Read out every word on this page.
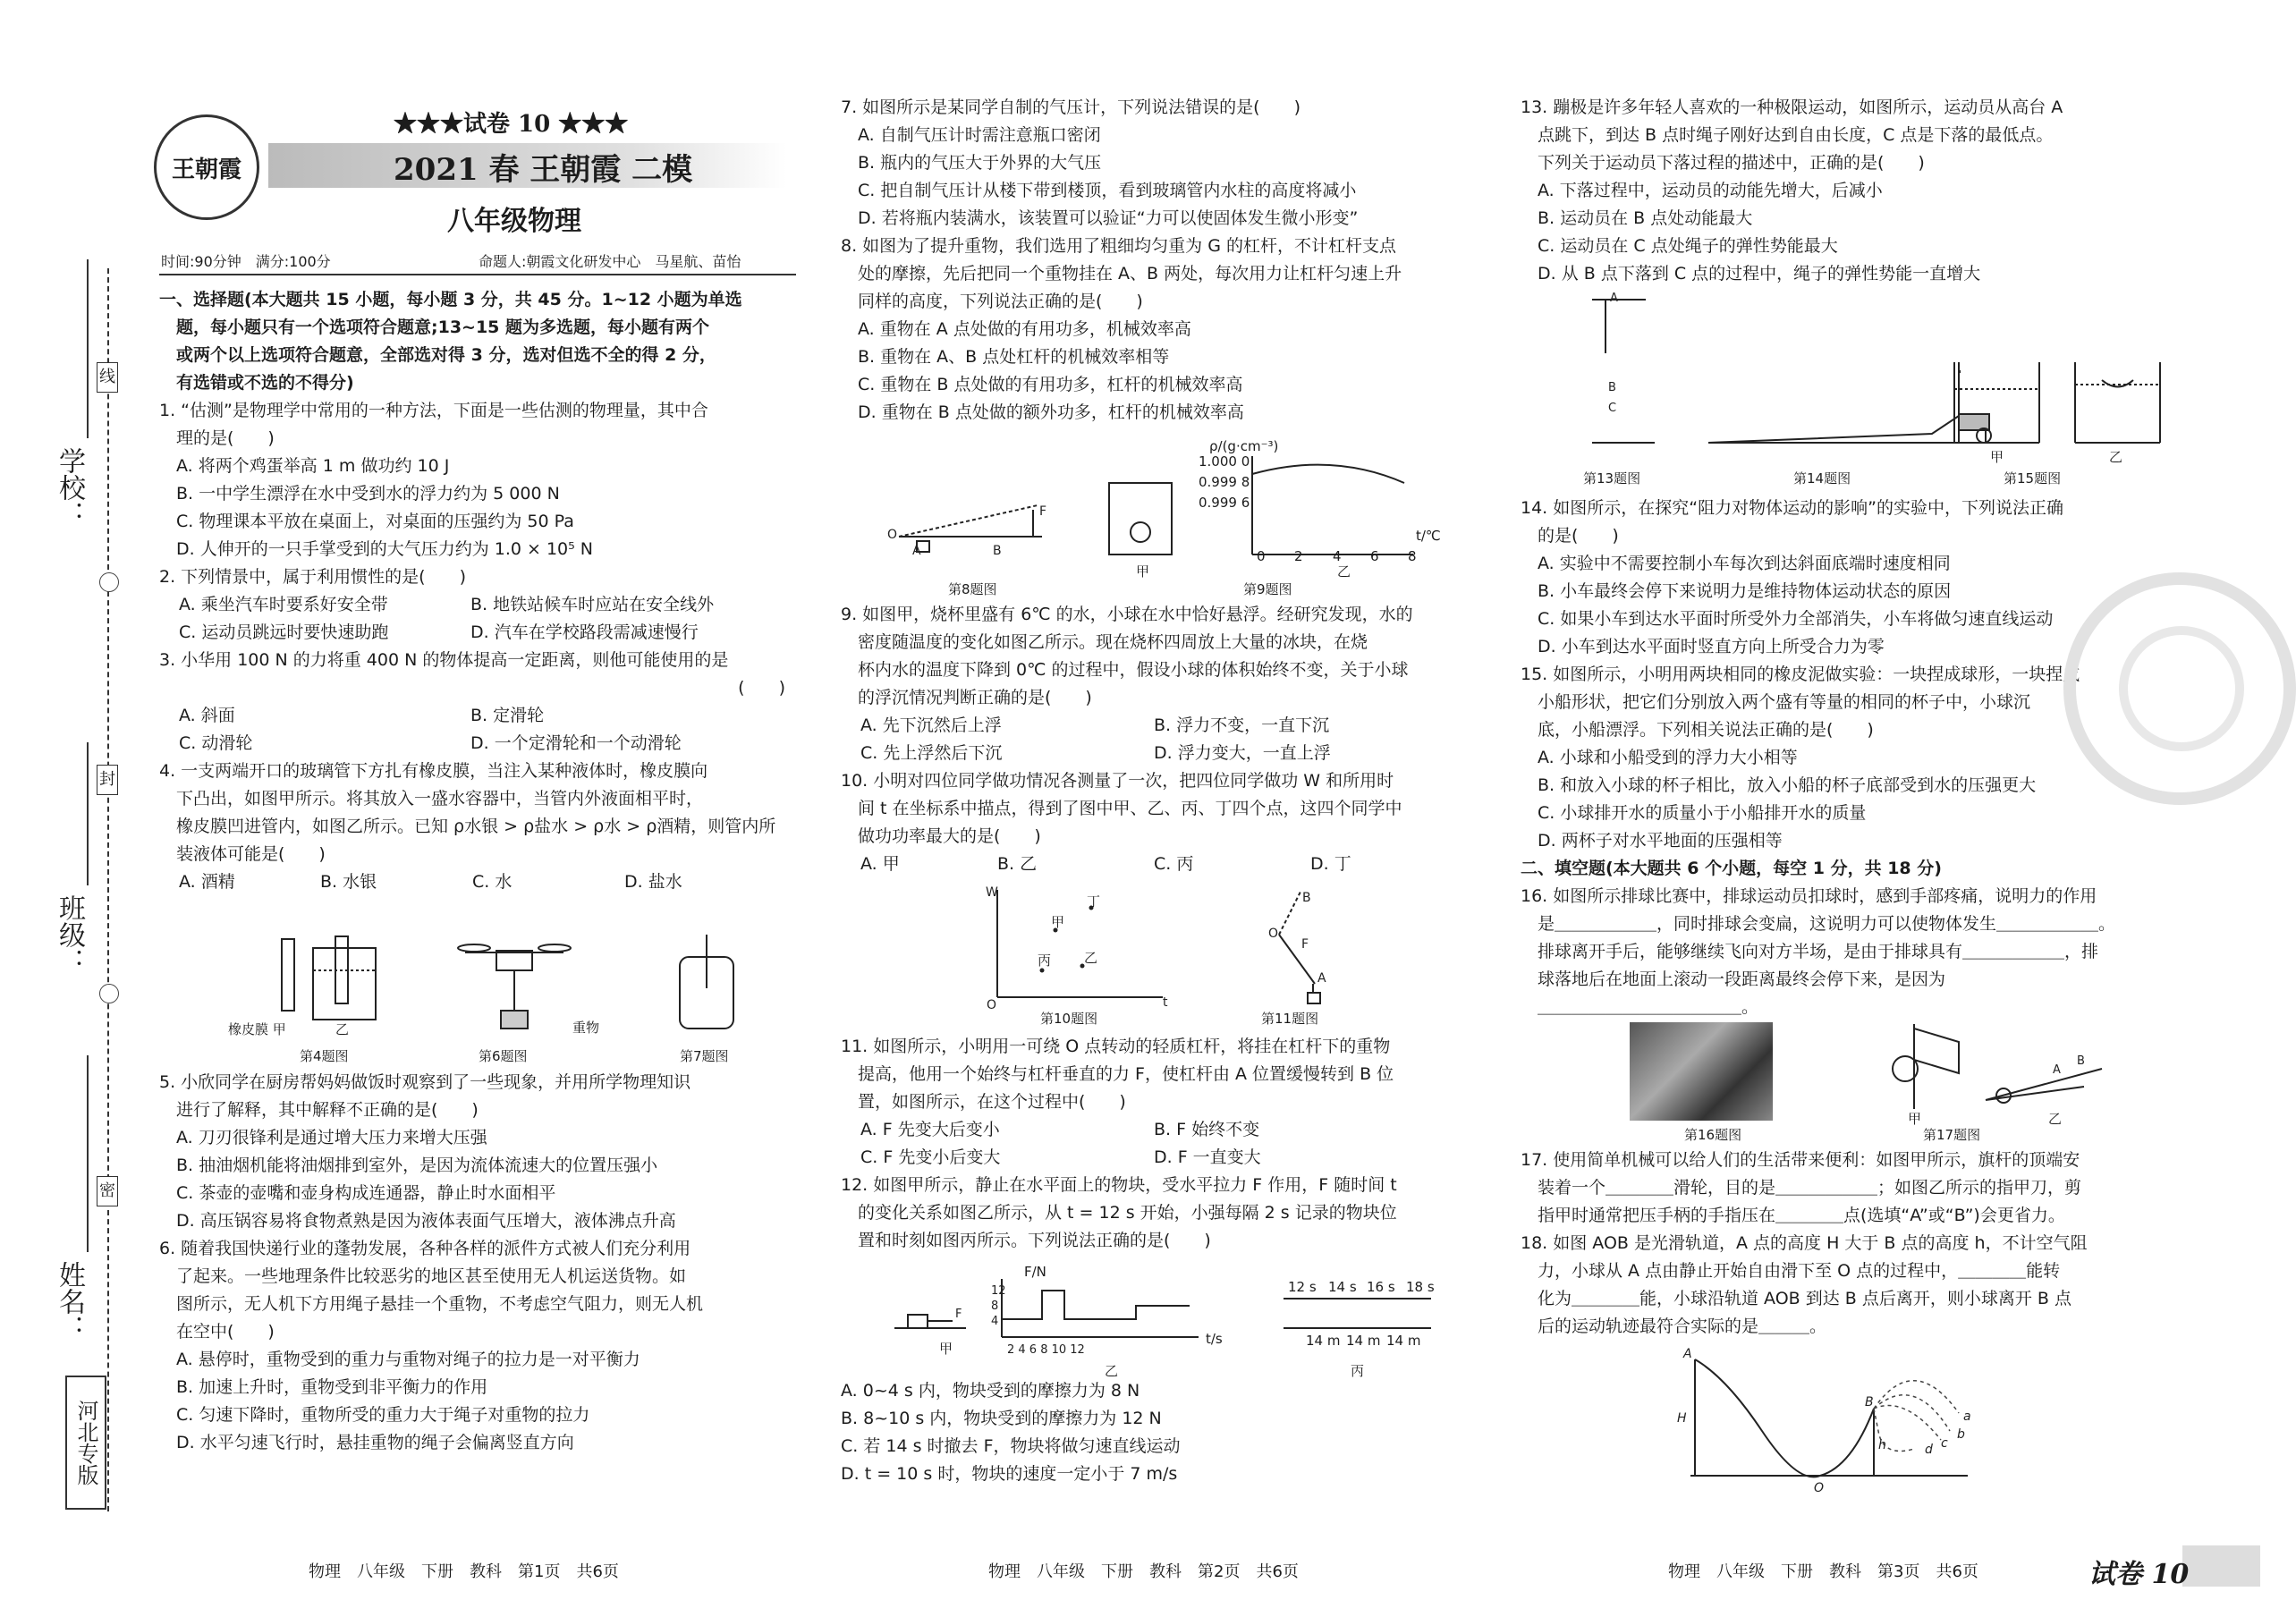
学校：
线
封
班级：
密
姓名：
河北专版
王朝霞
★★★试卷 10 ★★★
2021 春 王朝霞 二模
八年级物理
时间:90分钟　满分:100分	命题人:朝霞文化研发中心　马星航、苗怡

一、选择题(本大题共 15 小题，每小题 3 分，共 45 分。1~12 小题为单选

　题，每小题只有一个选项符合题意;13~15 题为多选题，每小题有两个

　或两个以上选项符合题意，全部选对得 3 分，选对但选不全的得 2 分，

　有选错或不选的不得分)

1. “估测”是物理学中常用的一种方法，下面是一些估测的物理量，其中合

　理的是(　　)

　A. 将两个鸡蛋举高 1 m 做功约 10 J

　B. 一中学生漂浮在水中受到水的浮力约为 5 000 N

　C. 物理课本平放在桌面上，对桌面的压强约为 50 Pa

　D. 人伸开的一只手掌受到的大气压力约为 1.0 × 10⁵ N

2. 下列情景中，属于利用惯性的是(　　)

A. 乘坐汽车时要系好安全带	B. 地铁站候车时应站在安全线外
C. 运动员跳远时要快速助跑	D. 汽车在学校路段需减速慢行

3. 小华用 100 N 的力将重 400 N 的物体提高一定距离，则他可能使用的是

(　　)

A. 斜面	B. 定滑轮
C. 动滑轮	D. 一个定滑轮和一个动滑轮

4. 一支两端开口的玻璃管下方扎有橡皮膜，当注入某种液体时，橡皮膜向

　下凸出，如图甲所示。将其放入一盛水容器中，当管内外液面相平时，

　橡皮膜凹进管内，如图乙所示。已知 ρ水银 > ρ盐水 > ρ水 > ρ酒精，则管内所

　装液体可能是(　　)

A. 酒精	B. 水银	C. 水	D. 盐水
橡皮膜 甲	乙	重物
第4题图	第6题图	第7题图

5. 小欣同学在厨房帮妈妈做饭时观察到了一些现象，并用所学物理知识

　进行了解释，其中解释不正确的是(　　)

　A. 刀刃很锋利是通过增大压力来增大压强

　B. 抽油烟机能将油烟排到室外，是因为流体流速大的位置压强小

　C. 茶壶的壶嘴和壶身构成连通器，静止时水面相平

　D. 高压锅容易将食物煮熟是因为液体表面气压增大，液体沸点升高

6. 随着我国快递行业的蓬勃发展，各种各样的派件方式被人们充分利用

　了起来。一些地理条件比较恶劣的地区甚至使用无人机运送货物。如

　图所示，无人机下方用绳子悬挂一个重物，不考虑空气阻力，则无人机

　在空中(　　)

　A. 悬停时，重物受到的重力与重物对绳子的拉力是一对平衡力

　B. 加速上升时，重物受到非平衡力的作用

　C. 匀速下降时，重物所受的重力大于绳子对重物的拉力

　D. 水平匀速飞行时，悬挂重物的绳子会偏离竖直方向

7. 如图所示是某同学自制的气压计，下列说法错误的是(　　)

　A. 自制气压计时需注意瓶口密闭

　B. 瓶内的气压大于外界的大气压

　C. 把自制气压计从楼下带到楼顶，看到玻璃管内水柱的高度将减小

　D. 若将瓶内装满水，该装置可以验证“力可以使固体发生微小形变”

8. 如图为了提升重物，我们选用了粗细均匀重为 G 的杠杆，不计杠杆支点

　处的摩擦，先后把同一个重物挂在 A、B 两处，每次用力让杠杆匀速上升

　同样的高度，下列说法正确的是(　　)

　A. 重物在 A 点处做的有用功多，机械效率高

　B. 重物在 A、B 点处杠杆的机械效率相等

　C. 重物在 B 点处做的有用功多，杠杆的机械效率高

　D. 重物在 B 点处做的额外功多，杠杆的机械效率高

O
A	B
F
ρ/(g·cm⁻³)
1.000 0
0.999 8
0.999 6
t/℃
0 2 4 6 8
甲	乙
第8题图	第9题图

9. 如图甲，烧杯里盛有 6℃ 的水，小球在水中恰好悬浮。经研究发现，水的

　密度随温度的变化如图乙所示。现在烧杯四周放上大量的冰块，在烧

　杯内水的温度下降到 0℃ 的过程中，假设小球的体积始终不变，关于小球

　的浮沉情况判断正确的是(　　)

A. 先下沉然后上浮	B. 浮力不变，一直下沉
C. 先上浮然后下沉	D. 浮力变大，一直上浮

10. 小明对四位同学做功情况各测量了一次，把四位同学做功 W 和所用时

　间 t 在坐标系中描点，得到了图中甲、乙、丙、丁四个点，这四个同学中

　做功功率最大的是(　　)

A. 甲	B. 乙	C. 丙	D. 丁
W
O	t
O
B
A
F
甲
丁
丙 乙
第10题图	第11题图

11. 如图所示，小明用一可绕 O 点转动的轻质杠杆，将挂在杠杆下的重物

　提高，他用一个始终与杠杆垂直的力 F，使杠杆由 A 位置缓慢转到 B 位

　置，如图所示，在这个过程中(　　)

A. F 先变大后变小	B. F 始终不变
C. F 先变小后变大	D. F 一直变大

12. 如图甲所示，静止在水平面上的物块，受水平拉力 F 作用，F 随时间 t

　的变化关系如图乙所示，从 t = 12 s 开始，小强每隔 2 s 记录的物块位

　置和时刻如图丙所示。下列说法正确的是(　　)

F
12
8
4
2 4 6 8 10 12
F/N
t/s
甲
乙	丙
12 s 14 s 16 s 18 s
14 m 14 m 14 m

A. 0~4 s 内，物块受到的摩擦力为 8 N

B. 8~10 s 内，物块受到的摩擦力为 12 N

C. 若 14 s 时撤去 F，物块将做匀速直线运动

D. t = 10 s 时，物块的速度一定小于 7 m/s

13. 蹦极是许多年轻人喜欢的一种极限运动，如图所示，运动员从高台 A

　点跳下，到达 B 点时绳子刚好达到自由长度，C 点是下落的最低点。

　下列关于运动员下落过程的描述中，正确的是(　　)

　A. 下落过程中，运动员的动能先增大，后减小

　B. 运动员在 B 点处动能最大

　C. 运动员在 C 点处绳子的弹性势能最大

　D. 从 B 点下落到 C 点的过程中，绳子的弹性势能一直增大

A
B
C
第13题图	第14题图	第15题图
甲	乙

14. 如图所示，在探究“阻力对物体运动的影响”的实验中，下列说法正确

　的是(　　)

　A. 实验中不需要控制小车每次到达斜面底端时速度相同

　B. 小车最终会停下来说明力是维持物体运动状态的原因

　C. 如果小车到达水平面时所受外力全部消失，小车将做匀速直线运动

　D. 小车到达水平面时竖直方向上所受合力为零

15. 如图所示，小明用两块相同的橡皮泥做实验：一块捏成球形，一块捏成

　小船形状，把它们分别放入两个盛有等量的相同的杯子中，小球沉

　底，小船漂浮。下列相关说法正确的是(　　)

　A. 小球和小船受到的浮力大小相等

　B. 和放入小球的杯子相比，放入小船的杯子底部受到水的压强更大

　C. 小球排开水的质量小于小船排开水的质量

　D. 两杯子对水平地面的压强相等

二、填空题(本大题共 6 个小题，每空 1 分，共 18 分)

16. 如图所示排球比赛中，排球运动员扣球时，感到手部疼痛，说明力的作用

　是＿＿＿＿＿＿，同时排球会变扁，这说明力可以使物体发生＿＿＿＿＿＿。

　排球离开手后，能够继续飞向对方半场，是由于排球具有＿＿＿＿＿＿，排

　球落地后在地面上滚动一段距离最终会停下来，是因为

　＿＿＿＿＿＿＿＿＿＿＿＿。

B
A
第16题图	第17题图
甲	乙

17. 使用简单机械可以给人们的生活带来便利：如图甲所示，旗杆的顶端安

　装着一个＿＿＿＿滑轮，目的是＿＿＿＿＿＿；如图乙所示的指甲刀，剪

　指甲时通常把压手柄的手指压在＿＿＿＿点(选填“A”或“B”)会更省力。

18. 如图 AOB 是光滑轨道，A 点的高度 H 大于 B 点的高度 h，不计空气阻

　力，小球从 A 点由静止开始自由滑下至 O 点的过程中，＿＿＿＿能转

　化为＿＿＿＿能，小球沿轨道 AOB 到达 B 点后离开，则小球离开 B 点

　后的运动轨迹最符合实际的是＿＿＿。

A
B
O
H
h
a
b
c
d
物理　八年级　下册　教科　第1页　共6页	物理　八年级　下册　教科　第2页　共6页	物理　八年级　下册　教科　第3页　共6页	试卷 10
